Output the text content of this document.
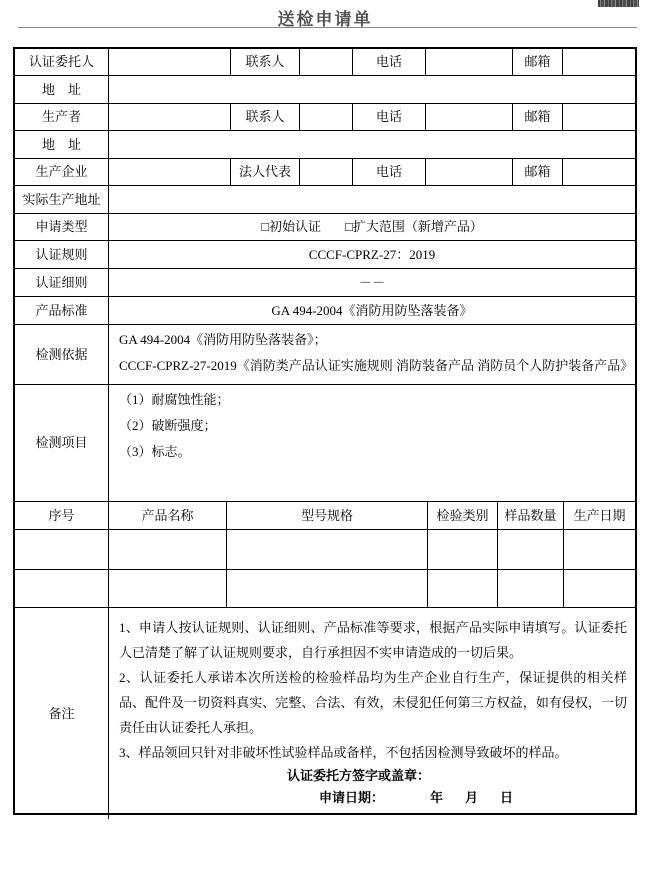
送检申请单
认证委托人	联系人	电话	邮箱
地　址
生产者	联系人	电话	邮箱
地　址
生产企业	法人代表	电话	邮箱
实际生产地址
申请类型	□初始认证 □扩大范围（新增产品）
认证规则	CCCF-CPRZ-27：2019
认证细则	－－
产品标准	GA 494-2004《消防用防坠落装备》
检测依据
GA 494-2004《消防用防坠落装备》；
CCCF-CPRZ-27-2019《消防类产品认证实施规则 消防装备产品 消防员个人防护装备产品》
检测项目
（1）耐腐蚀性能；
（2）破断强度；
（3）标志。
序号	产品名称	型号规格	检验类别	样品数量	生产日期
备注

1、申请人按认证规则、认证细则、产品标准等要求，根据产品实际申请填写。认证委托人已清楚了解了认证规则要求，自行承担因不实申请造成的一切后果。

2、认证委托人承诺本次所送检的检验样品均为生产企业自行生产，保证提供的相关样品、配件及一切资料真实、完整、合法、有效，未侵犯任何第三方权益，如有侵权，一切责任由认证委托人承担。

3、样品领回只针对非破坏性试验样品或备样，不包括因检测导致破坏的样品。

认证委托方签字或盖章：
申请日期：	年 月 日
